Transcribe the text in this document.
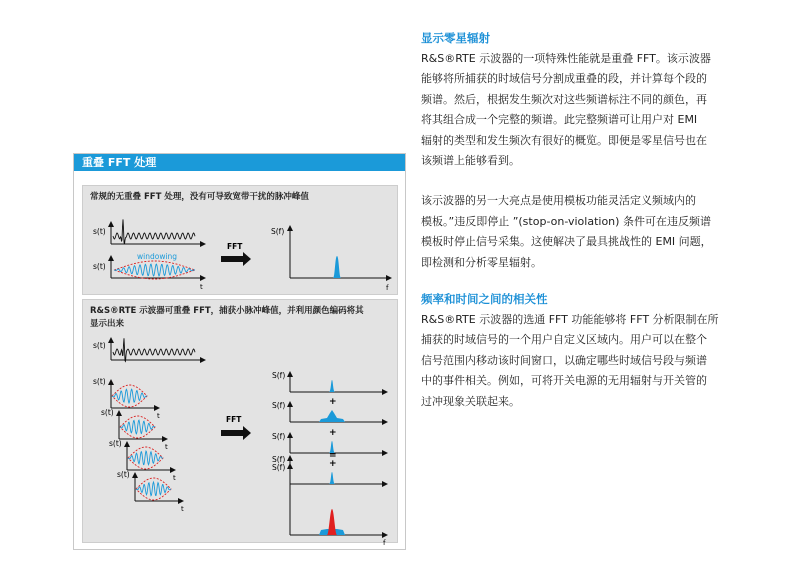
显示零星辐射

R&S®RTE 示波器的一项特殊性能就是重叠 FFT。该示波器
能够将所捕获的时域信号分割成重叠的段，并计算每个段的
频谱。然后，根据发生频次对这些频谱标注不同的颜色，再
将其组合成一个完整的频谱。此完整频谱可让用户对 EMI
辐射的类型和发生频次有很好的概览。即便是零星信号也在
该频谱上能够看到。

该示波器的另一大亮点是使用模板功能灵活定义频域内的
模板。”违反即停止 ”(stop-on-violation) 条件可在违反频谱
模板时停止信号采集。这使解决了最具挑战性的 EMI 问题，
即检测和分析零星辐射。

频率和时间之间的相关性

R&S®RTE 示波器的选通 FFT 功能能够将 FFT 分析限制在所
捕获的时域信号的一个用户自定义区域内。用户可以在整个
信号范围内移动该时间窗口，以确定哪些时域信号段与频谱
中的事件相关。例如，可将开关电源的无用辐射与开关管的
过冲现象关联起来。

重叠 FFT 处理
常规的无重叠 FFT 处理，没有可导致宽带干扰的脉冲峰值
s(t)
s(t)
windowing
t
FFT
S(f)
f
R&S®RTE 示波器可重叠 FFT，捕获小脉冲峰值，并利用颜色编码将其
显示出来
s(t)
s(t)
t
s(t)
t
s(t)
t
s(t)
t
FFT
S(f)
S(f)	+
S(f)	+
S(f)	+
S(f)	=
f
